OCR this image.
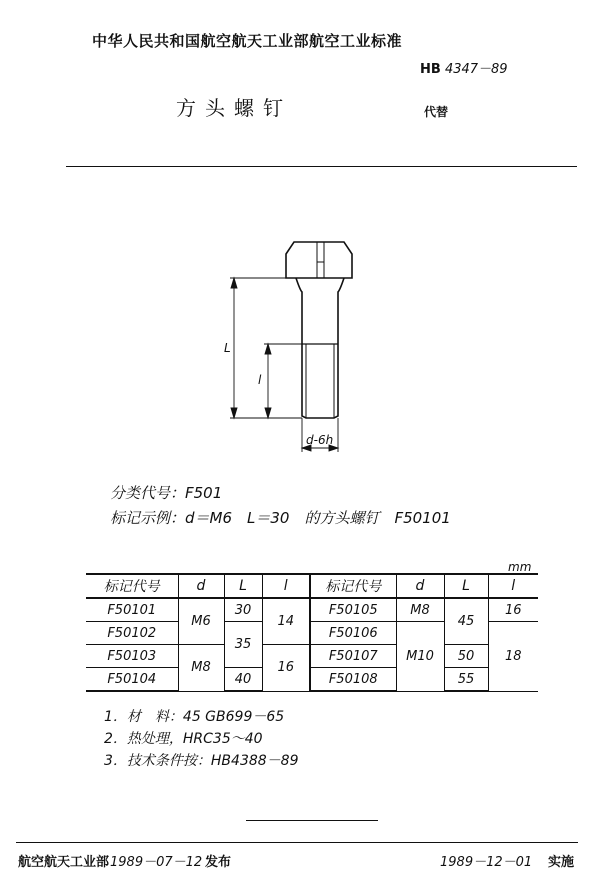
中华人民共和国航空航天工业部航空工业标准
HB 4347－89
方头螺钉	代替
L
l
d-6h
分类代号：F501
标记示例：d＝M6　L＝30　的方头螺钉　F50101
mm
标记代号	d	L	l	标记代号	d	L	l
F50101	M6	30	14	F50105	M8	45	16
F50102		35		F50106	M10		18
F50103	M8		16	F50107		50	
F50104		40		F50108		55	
1．材　料：45 GB699－65
2．热处理，HRC35～40
3．技术条件按：HB4388－89
航空航天工业部 1989－07－12 发布	1989－12－01 实施
